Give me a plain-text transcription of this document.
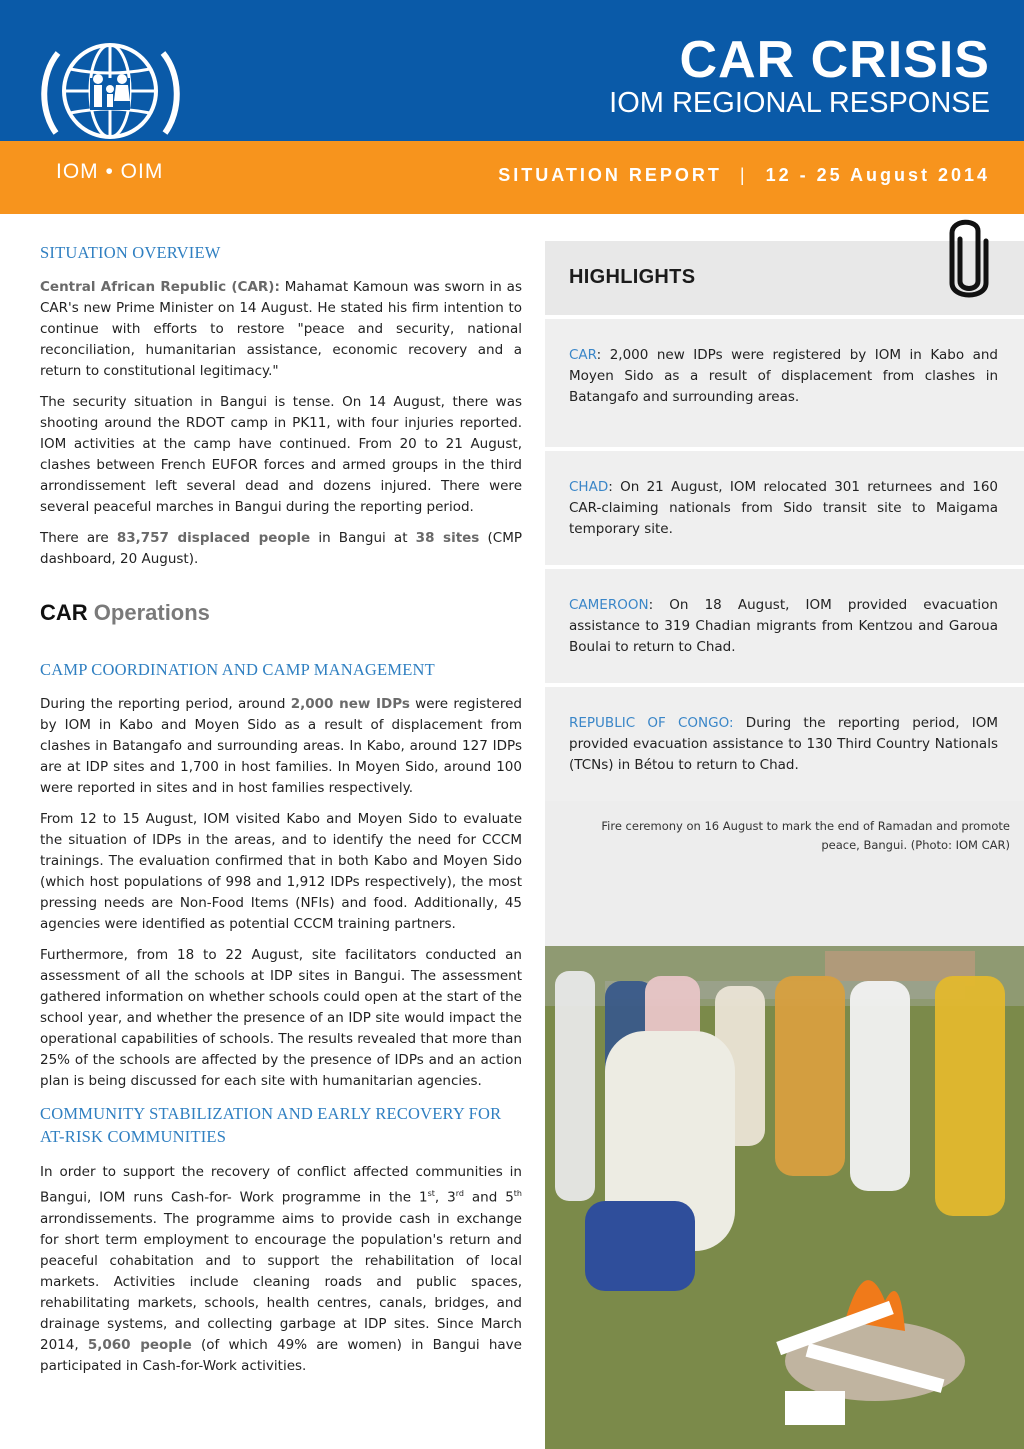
IOM • OIM
CAR CRISIS
IOM REGIONAL RESPONSE
SITUATION REPORT | 12 - 25 August 2014
SITUATION OVERVIEW

Central African Republic (CAR): Mahamat Kamoun was sworn in as CAR's new Prime Minister on 14 August. He stated his firm intention to continue with efforts to restore "peace and security, national reconciliation, humanitarian assistance, economic recovery and a return to constitutional legitimacy."

The security situation in Bangui is tense. On 14 August, there was shooting around the RDOT camp in PK11, with four injuries reported. IOM activities at the camp have continued. From 20 to 21 August, clashes between French EUFOR forces and armed groups in the third arrondissement left several dead and dozens injured. There were several peaceful marches in Bangui during the reporting period.

There are 83,757 displaced people in Bangui at 38 sites (CMP dashboard, 20 August).

CAR Operations
CAMP COORDINATION AND CAMP MANAGEMENT

During the reporting period, around 2,000 new IDPs were registered by IOM in Kabo and Moyen Sido as a result of displacement from clashes in Batangafo and surrounding areas. In Kabo, around 127 IDPs are at IDP sites and 1,700 in host families. In Moyen Sido, around 100 were reported in sites and in host families respectively.

From 12 to 15 August, IOM visited Kabo and Moyen Sido to evaluate the situation of IDPs in the areas, and to identify the need for CCCM trainings. The evaluation confirmed that in both Kabo and Moyen Sido (which host populations of 998 and 1,912 IDPs respectively), the most pressing needs are Non-Food Items (NFIs) and food. Additionally, 45 agencies were identified as potential CCCM training partners.

Furthermore, from 18 to 22 August, site facilitators conducted an assessment of all the schools at IDP sites in Bangui. The assessment gathered information on whether schools could open at the start of the school year, and whether the presence of an IDP site would impact the operational capabilities of schools. The results revealed that more than 25% of the schools are affected by the presence of IDPs and an action plan is being discussed for each site with humanitarian agencies.

COMMUNITY STABILIZATION AND EARLY RECOVERY FOR AT-RISK COMMUNITIES

In order to support the recovery of conflict affected communities in Bangui, IOM runs Cash-for- Work programme in the 1st, 3rd and 5th arrondissements. The programme aims to provide cash in exchange for short term employment to encourage the population's return and peaceful cohabitation and to support the rehabilitation of local markets. Activities include cleaning roads and public spaces, rehabilitating markets, schools, health centres, canals, bridges, and drainage systems, and collecting garbage at IDP sites. Since March 2014, 5,060 people (of which 49% are women) in Bangui have participated in Cash-for-Work activities.

HIGHLIGHTS

CAR: 2,000 new IDPs were registered by IOM in Kabo and Moyen Sido as a result of displacement from clashes in Batangafo and surrounding areas.

CHAD: On 21 August, IOM relocated 301 returnees and 160 CAR-claiming nationals from Sido transit site to Maigama temporary site.

CAMEROON: On 18 August, IOM provided evacuation assistance to 319 Chadian migrants from Kentzou and Garoua Boulai to return to Chad.

REPUBLIC OF CONGO: During the reporting period, IOM provided evacuation assistance to 130 Third Country Nationals (TCNs) in Bétou to return to Chad.

Fire ceremony on 16 August to mark the end of Ramadan and promote peace, Bangui. (Photo: IOM CAR)
